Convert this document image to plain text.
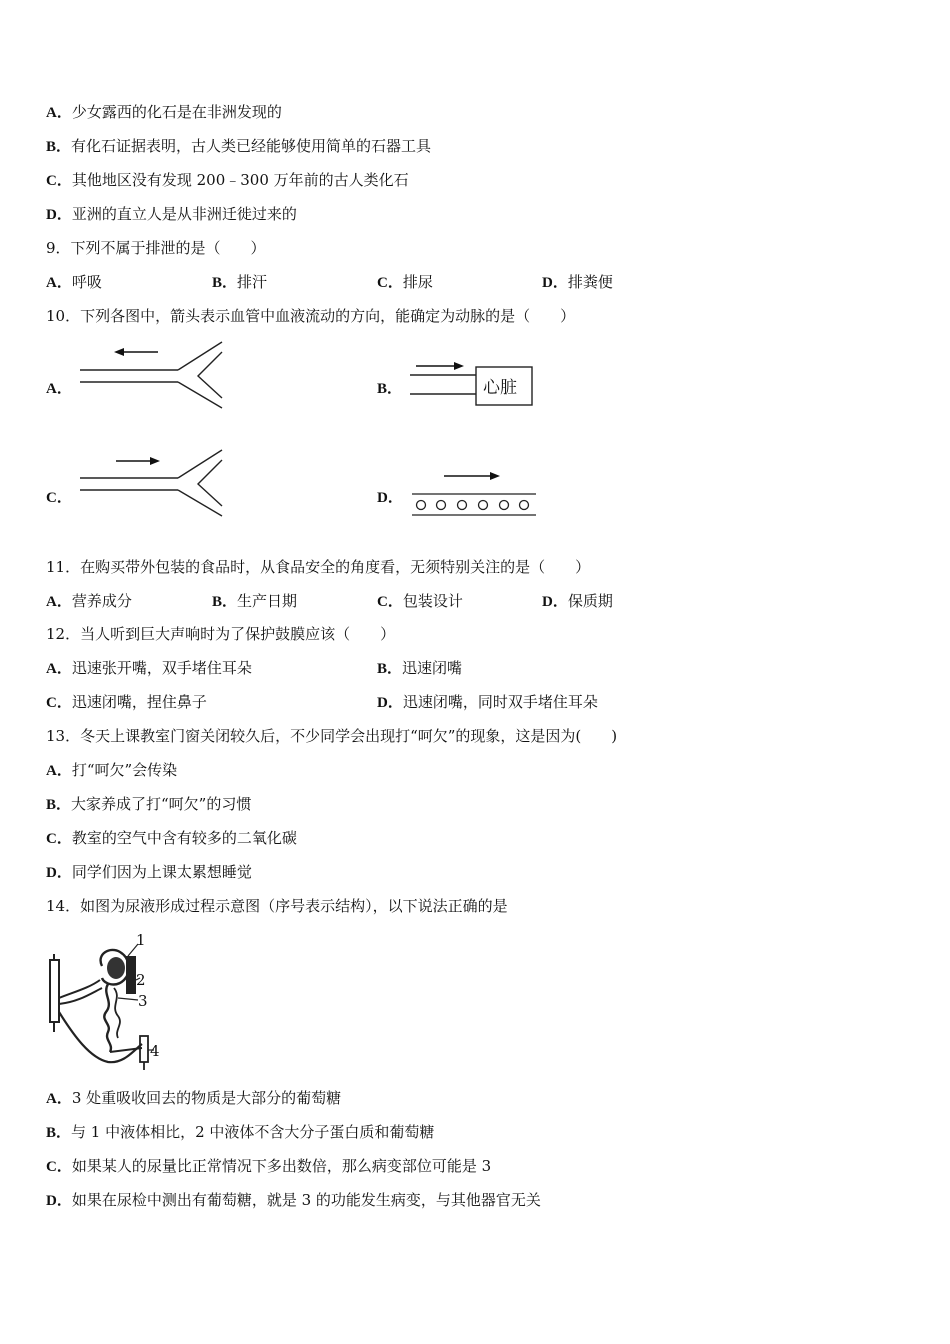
A．少女露西的化石是在非洲发现的
B．有化石证据表明，古人类已经能够使用简单的石器工具
C．其他地区没有发现 200﹣300 万年前的古人类化石
D．亚洲的直立人是从非洲迁徙过来的
9．下列不属于排泄的是（　　）
A．呼吸	B．排汗	C．排尿	D．排粪便
10．下列各图中，箭头表示血管中血液流动的方向，能确定为动脉的是（　　）
A．	B．	心脏
C．	D．
11．在购买带外包装的食品时，从食品安全的角度看，无须特别关注的是（　　）
A．营养成分	B．生产日期	C．包装设计	D．保质期
12．当人听到巨大声响时为了保护鼓膜应该（　　）
A．迅速张开嘴，双手堵住耳朵	B．迅速闭嘴
C．迅速闭嘴，捏住鼻子	D．迅速闭嘴，同时双手堵住耳朵
13．冬天上课教室门窗关闭较久后，不少同学会出现打“呵欠”的现象，这是因为(　　)
A．打“呵欠”会传染
B．大家养成了打“呵欠”的习惯
C．教室的空气中含有较多的二氧化碳
D．同学们因为上课太累想睡觉
14．如图为尿液形成过程示意图（序号表示结构），以下说法正确的是
1
2
3
4
A．3 处重吸收回去的物质是大部分的葡萄糖
B．与 1 中液体相比，2 中液体不含大分子蛋白质和葡萄糖
C．如果某人的尿量比正常情况下多出数倍，那么病变部位可能是 3
D．如果在尿检中测出有葡萄糖，就是 3 的功能发生病变，与其他器官无关
